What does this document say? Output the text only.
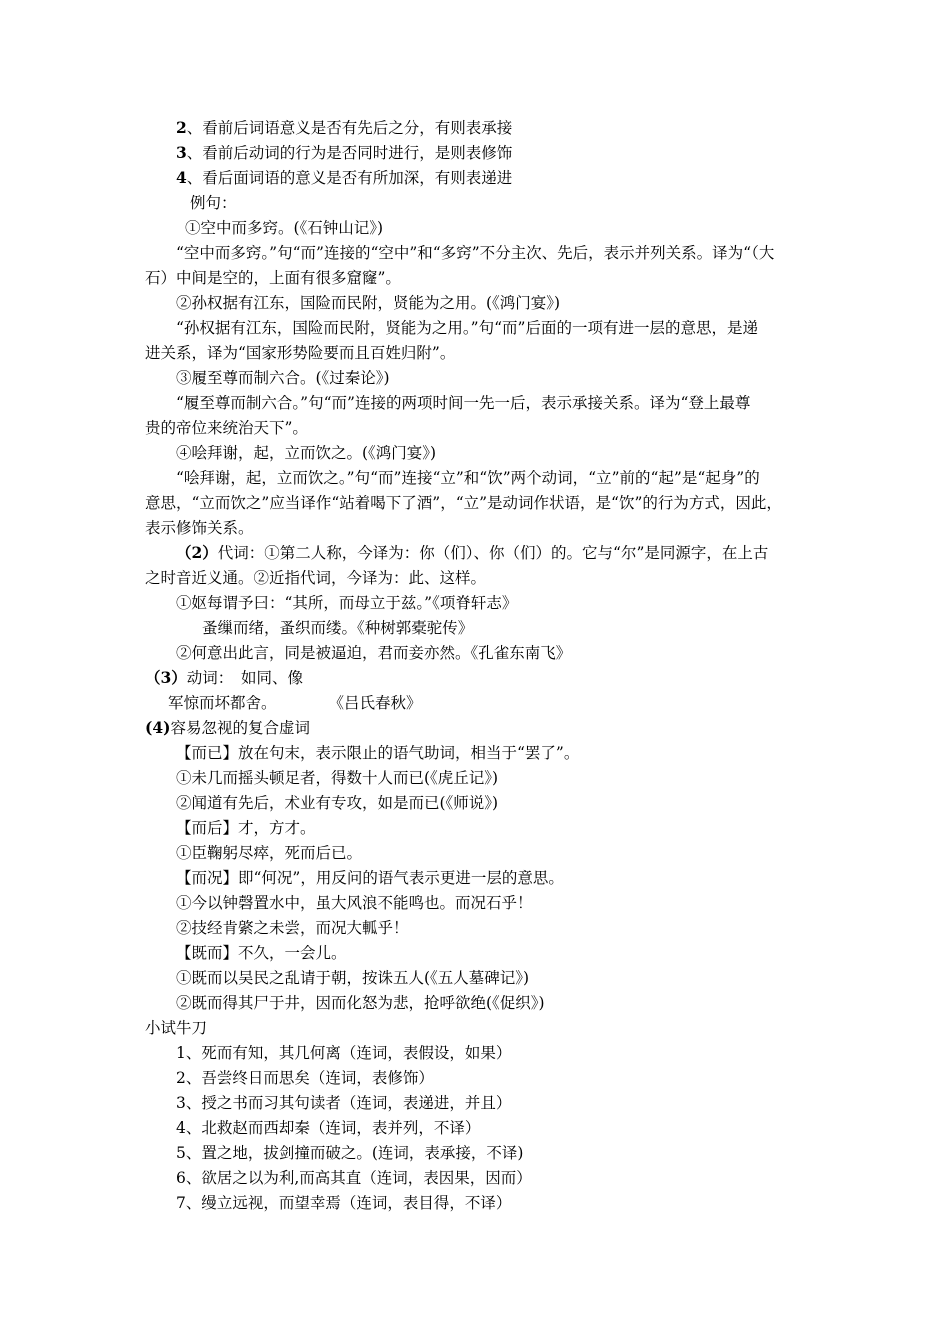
2、看前后词语意义是否有先后之分，有则表承接
3、看前后动词的行为是否同时进行，是则表修饰
4、看后面词语的意义是否有所加深，有则表递进
例句：
①空中而多窍。(《石钟山记》)
“空中而多窍。”句“而”连接的“空中”和“多窍”不分主次、先后，表示并列关系。译为“（大
石）中间是空的，上面有很多窟窿”。
②孙权据有江东，国险而民附，贤能为之用。(《鸿门宴》)
“孙权据有江东，国险而民附，贤能为之用。”句“而”后面的一项有进一层的意思，是递
进关系，译为“国家形势险要而且百姓归附”。
③履至尊而制六合。(《过秦论》)
“履至尊而制六合。”句“而”连接的两项时间一先一后，表示承接关系。译为“登上最尊
贵的帝位来统治天下”。
④哙拜谢，起，立而饮之。(《鸿门宴》)
“哙拜谢，起，立而饮之。”句“而”连接“立”和“饮”两个动词，“立”前的“起”是“起身”的
意思，“立而饮之”应当译作“站着喝下了酒”，“立”是动词作状语，是“饮”的行为方式，因此，
表示修饰关系。
（2）代词：①第二人称，今译为：你（们）、你（们）的。它与“尔”是同源字，在上古
之时音近义通。②近指代词，今译为：此、这样。
①妪每谓予曰：“其所，而母立于兹。”《项脊轩志》
蚤缫而绪，蚤织而缕。《种树郭橐驼传》
②何意出此言，同是被逼迫，君而妾亦然。《孔雀东南飞》
（3）动词：　如同、像
军惊而坏都舍。	《吕氏春秋》
(4)容易忽视的复合虚词
【而已】放在句末，表示限止的语气助词，相当于“罢了”。
①未几而摇头顿足者，得数十人而已(《虎丘记》)
②闻道有先后，术业有专攻，如是而已(《师说》)
【而后】才，方才。
①臣鞠躬尽瘁，死而后已。
【而况】即“何况”，用反问的语气表示更进一层的意思。
①今以钟磬置水中，虽大风浪不能鸣也。而况石乎！
②技经肯綮之未尝，而况大軱乎！
【既而】不久，一会儿。
①既而以吴民之乱请于朝，按诛五人(《五人墓碑记》)
②既而得其尸于井，因而化怒为悲，抢呼欲绝(《促织》)
小试牛刀
1、死而有知，其几何离（连词，表假设，如果）
2、吾尝终日而思矣（连词，表修饰）
3、授之书而习其句读者（连词，表递进，并且）
4、北救赵而西却秦（连词，表并列，不译）
5、置之地，拔剑撞而破之。(连词，表承接，不译)
6、欲居之以为利,而高其直（连词，表因果，因而）
7、缦立远视，而望幸焉（连词，表目得，不译）
